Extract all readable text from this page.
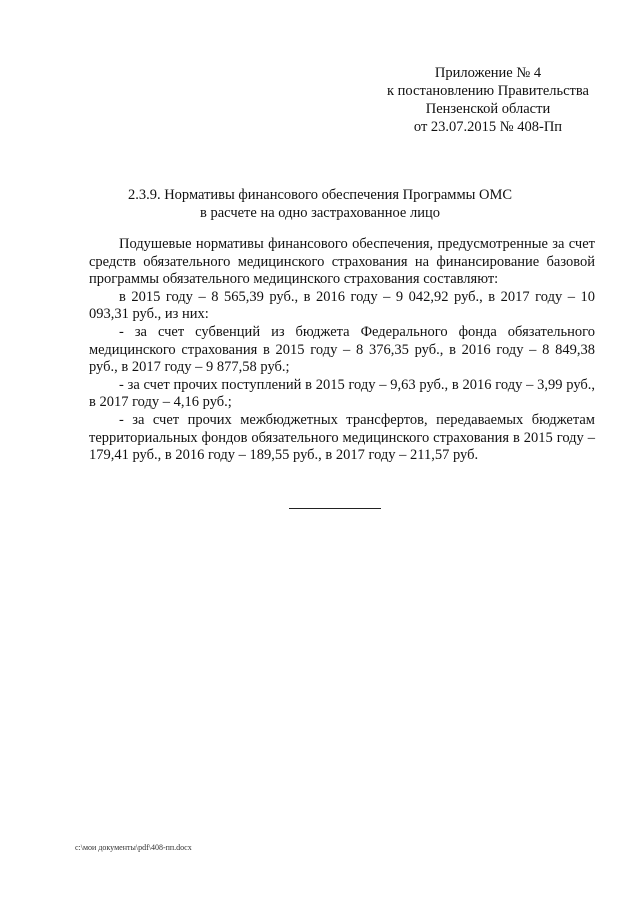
Приложение № 4
к постановлению Правительства
Пензенской области
от 23.07.2015 № 408-Пп
2.3.9. Нормативы финансового обеспечения Программы ОМС
в расчете на одно застрахованное лицо

Подушевые нормативы финансового обеспечения, предусмотренные за счет средств обязательного медицинского страхования на финансирование базовой программы обязательного медицинского страхования составляют:

в 2015 году – 8 565,39 руб., в 2016 году – 9 042,92 руб., в 2017 году – 10 093,31 руб., из них:

- за счет субвенций из бюджета Федерального фонда обязательного медицинского страхования в 2015 году – 8 376,35 руб., в 2016 году – 8 849,38 руб., в 2017 году – 9 877,58 руб.;

- за счет прочих поступлений в 2015 году – 9,63 руб., в 2016 году – 3,99 руб., в 2017 году – 4,16 руб.;

- за счет прочих межбюджетных трансфертов, передаваемых бюджетам территориальных фондов обязательного медицинского страхования в 2015 году – 179,41 руб., в 2016 году – 189,55 руб., в 2017 году – 211,57 руб.

c:\мои документы\pdf\408-пп.docx
